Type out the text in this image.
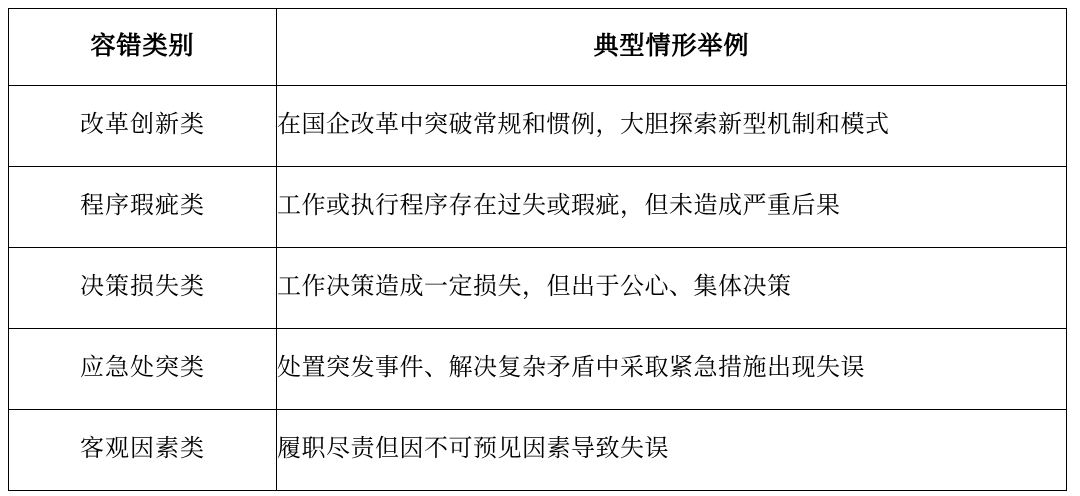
容错类别	典型情形举例

改革创新类	在国企改革中突破常规和惯例，大胆探索新型机制和模式

程序瑕疵类	工作或执行程序存在过失或瑕疵，但未造成严重后果

决策损失类	工作决策造成一定损失，但出于公心、集体决策

应急处突类	处置突发事件、解决复杂矛盾中采取紧急措施出现失误

客观因素类	履职尽责但因不可预见因素导致失误
